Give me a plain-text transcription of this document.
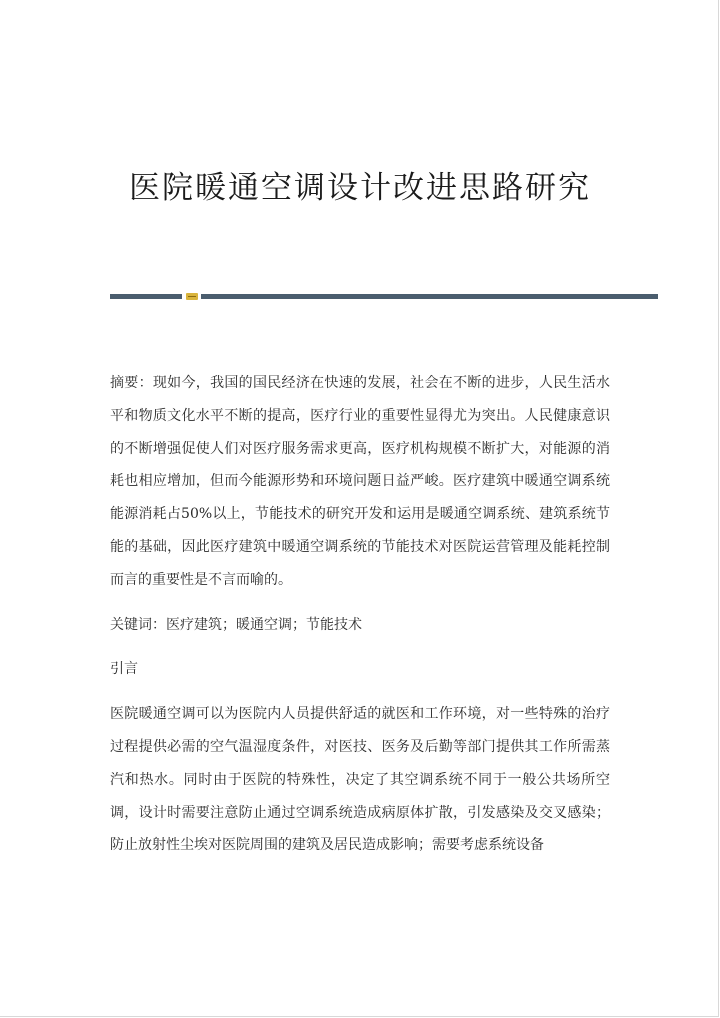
医院暖通空调设计改进思路研究

摘要：现如今，我国的国民经济在快速的发展，社会在不断的进步，人民生活水平和物质文化水平不断的提高，医疗行业的重要性显得尤为突出。人民健康意识的不断增强促使人们对医疗服务需求更高，医疗机构规模不断扩大，对能源的消耗也相应增加，但而今能源形势和环境问题日益严峻。医疗建筑中暖通空调系统能源消耗占50%以上，节能技术的研究开发和运用是暖通空调系统、建筑系统节能的基础，因此医疗建筑中暖通空调系统的节能技术对医院运营管理及能耗控制而言的重要性是不言而喻的。

关键词：医疗建筑；暖通空调；节能技术

引言

医院暖通空调可以为医院内人员提供舒适的就医和工作环境，对一些特殊的治疗过程提供必需的空气温湿度条件，对医技、医务及后勤等部门提供其工作所需蒸汽和热水。同时由于医院的特殊性，决定了其空调系统不同于一般公共场所空调，设计时需要注意防止通过空调系统造成病原体扩散，引发感染及交叉感染；防止放射性尘埃对医院周围的建筑及居民造成影响；需要考虑系统设备
